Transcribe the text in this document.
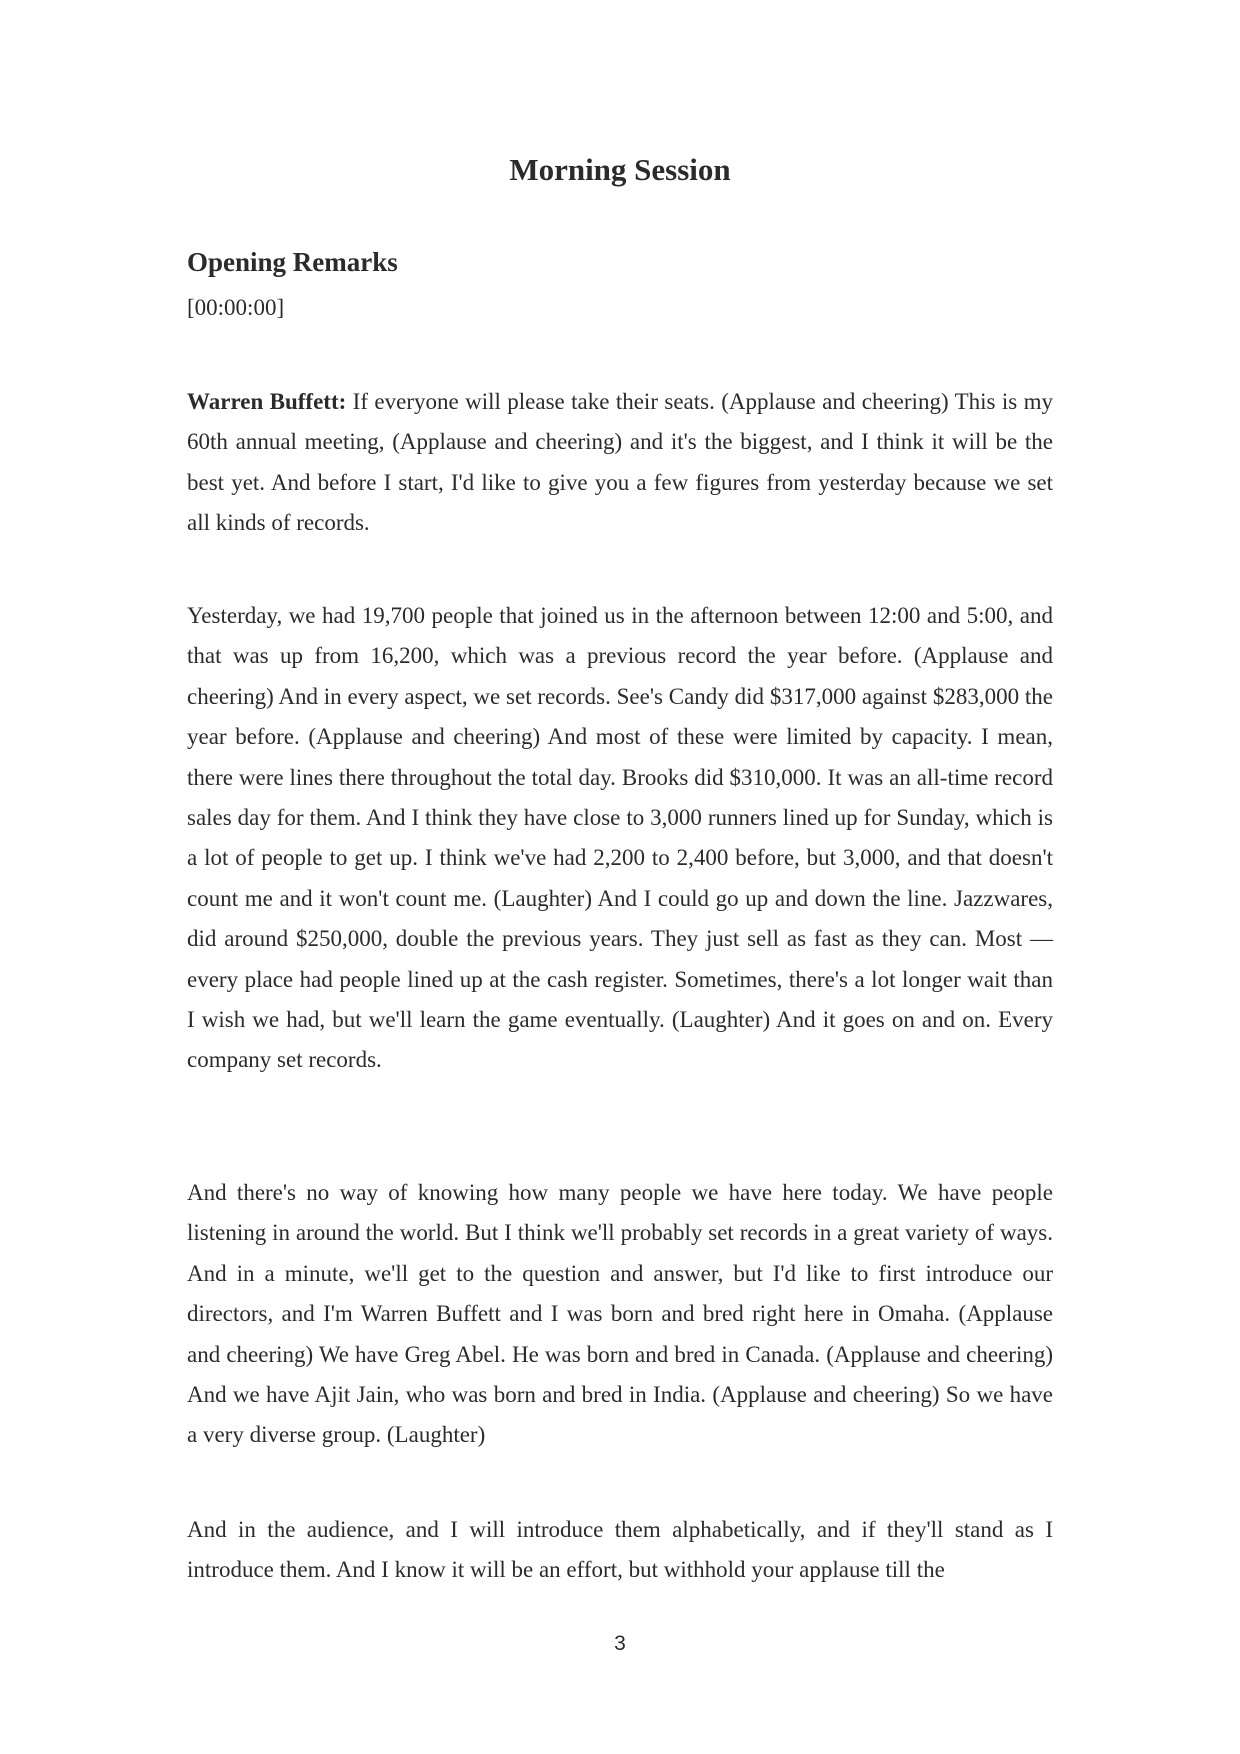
Morning Session
Opening Remarks
[00:00:00]

Warren Buffett: If everyone will please take their seats. (Applause and cheering) This is my 60th annual meeting, (Applause and cheering) and it's the biggest, and I think it will be the best yet. And before I start, I'd like to give you a few figures from yesterday because we set all kinds of records.

Yesterday, we had 19,700 people that joined us in the afternoon between 12:00 and 5:00, and that was up from 16,200, which was a previous record the year before. (Applause and cheering) And in every aspect, we set records. See's Candy did $317,000 against $283,000 the year before. (Applause and cheering) And most of these were limited by capacity. I mean, there were lines there throughout the total day. Brooks did $310,000. It was an all-time record sales day for them. And I think they have close to 3,000 runners lined up for Sunday, which is a lot of people to get up. I think we've had 2,200 to 2,400 before, but 3,000, and that doesn't count me and it won't count me. (Laughter) And I could go up and down the line. Jazzwares, did around $250,000, double the previous years. They just sell as fast as they can. Most — every place had people lined up at the cash register. Sometimes, there's a lot longer wait than I wish we had, but we'll learn the game eventually. (Laughter) And it goes on and on. Every company set records.

And there's no way of knowing how many people we have here today. We have people listening in around the world. But I think we'll probably set records in a great variety of ways. And in a minute, we'll get to the question and answer, but I'd like to first introduce our directors, and I'm Warren Buffett and I was born and bred right here in Omaha. (Applause and cheering) We have Greg Abel. He was born and bred in Canada. (Applause and cheering) And we have Ajit Jain, who was born and bred in India. (Applause and cheering) So we have a very diverse group. (Laughter)

And in the audience, and I will introduce them alphabetically, and if they'll stand as I introduce them. And I know it will be an effort, but withhold your applause till the

3
